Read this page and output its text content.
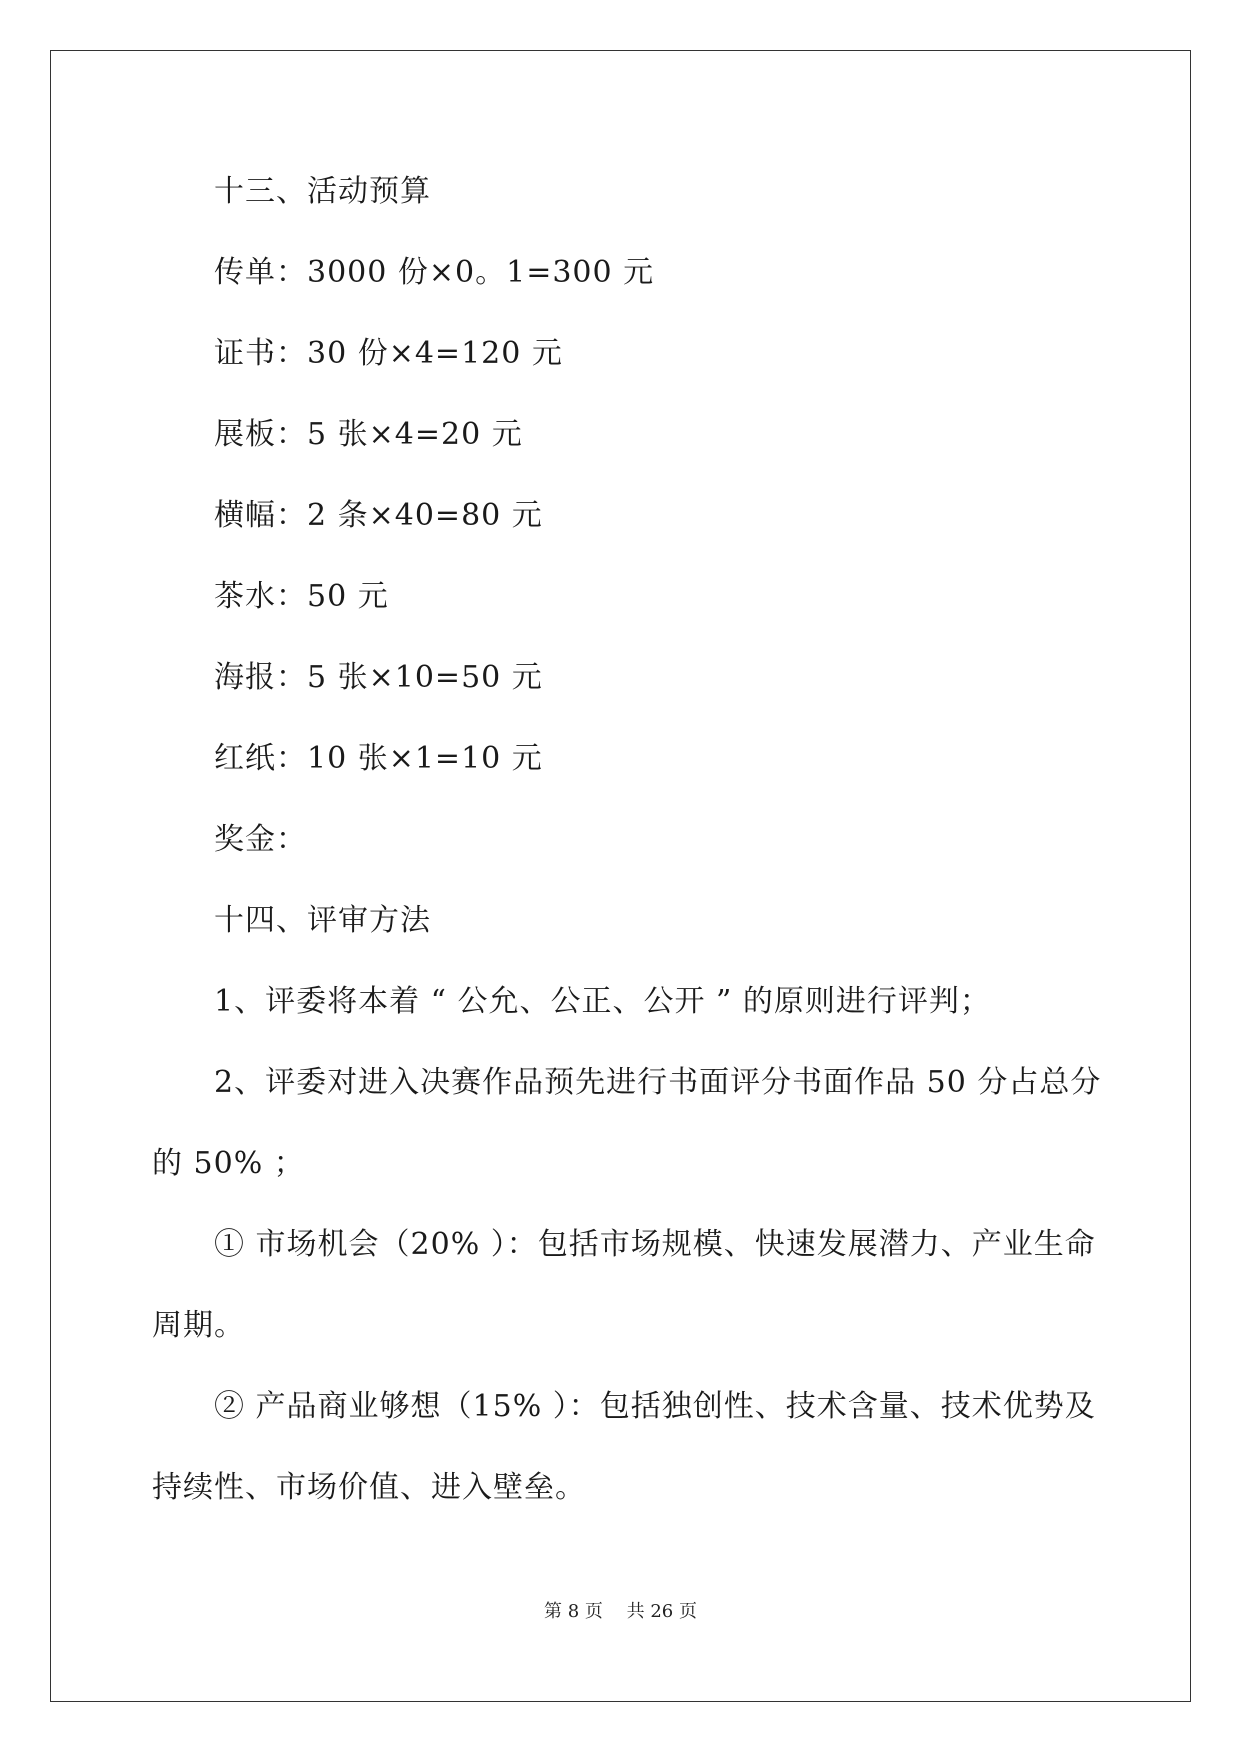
十三、活动预算
传单：3000 份×0。1=300 元
证书：30 份×4=120 元
展板：5 张×4=20 元
横幅：2 条×40=80 元
茶水：50 元
海报：5 张×10=50 元
红纸：10 张×1=10 元
奖金：
十四、评审方法
1、评委将本着 “ 公允、公正、公开 ” 的原则进行评判；
2、评委对进入决赛作品预先进行书面评分书面作品 50 分占总分
的 50% ；
① 市场机会（20% ）：包括市场规模、快速发展潜力、产业生命
周期。
② 产品商业够想（15% ）：包括独创性、技术含量、技术优势及
持续性、市场价值、进入壁垒。
第 8 页　 共 26 页
